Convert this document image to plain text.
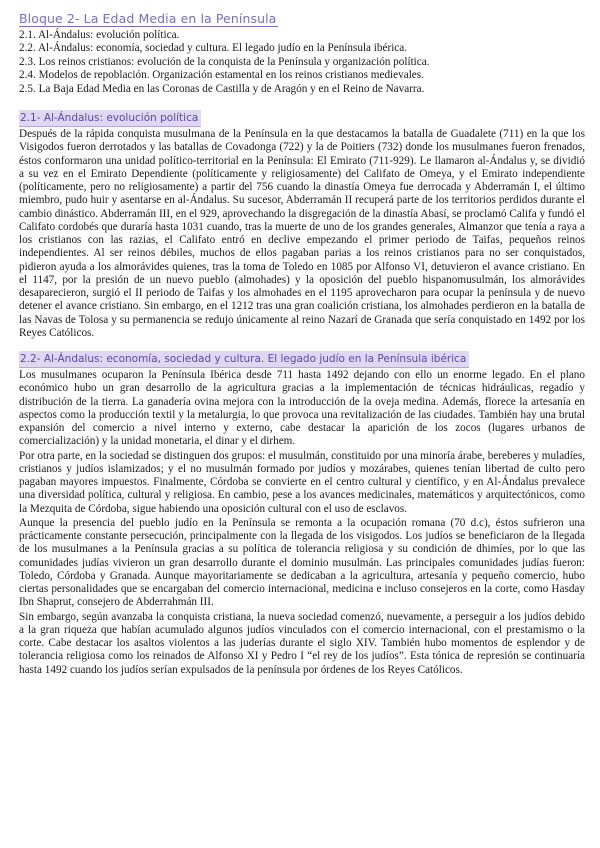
Bloque 2- La Edad Media en la Península
2.1. Al-Ándalus: evolución política.
2.2. Al-Ándalus: economía, sociedad y cultura. El legado judío en la Península ibérica.
2.3. Los reinos cristianos: evolución de la conquista de la Península y organización política.
2.4. Modelos de repoblación. Organización estamental en los reinos cristianos medievales.
2.5. La Baja Edad Media en las Coronas de Castilla y de Aragón y en el Reino de Navarra.
2.1- Al-Ándalus: evolución política

Después de la rápida conquista musulmana de la Península en la que destacamos la batalla de Guadalete (711) en la que los Visigodos fueron derrotados y las batallas de Covadonga (722) y la de Poitiers (732) donde los musulmanes fueron frenados, éstos conformaron una unidad político-territorial en la Península: El Emirato (711-929). Le llamaron al-Ándalus y, se dividió a su vez en el Emirato Dependiente (políticamente y religiosamente) del Califato de Omeya, y el Emirato independiente (políticamente, pero no religiosamente) a partir del 756 cuando la dinastía Omeya fue derrocada y Abderramán I, el último miembro, pudo huir y asentarse en al-Ándalus. Su sucesor, Abderramán II recuperá parte de los territorios perdidos durante el cambio dinástico. Abderramán III, en el 929, aprovechando la disgregación de la dinastía Abasí, se proclamó Califa y fundó el Califato cordobés que duraría hasta 1031 cuando, tras la muerte de uno de los grandes generales, Almanzor que tenía a raya a los cristianos con las razias, el Califato entró en declive empezando el primer periodo de Taifas, pequeños reinos independientes. Al ser reinos débiles, muchos de ellos pagaban parias a los reinos cristianos para no ser conquistados, pidieron ayuda a los almorávides quienes, tras la toma de Toledo en 1085 por Alfonso VI, detuvieron el avance cristiano. En el 1147, por la presión de un nuevo pueblo (almohades) y la oposición del pueblo hispanomusulmán, los almorávides desaparecieron, surgió el II periodo de Taifas y los almohades en el 1195 aprovecharon para ocupar la península y de nuevo detener el avance cristiano. Sin embargo, en el 1212 tras una gran coalición cristiana, los almohades perdieron en la batalla de las Navas de Tolosa y su permanencia se redujo únicamente al reino Nazarí de Granada que sería conquistado en 1492 por los Reyes Católicos.

2.2- Al-Ándalus: economía, sociedad y cultura. El legado judío en la Península ibérica

Los musulmanes ocuparon la Península Ibérica desde 711 hasta 1492 dejando con ello un enorme legado. En el plano económico hubo un gran desarrollo de la agricultura gracias a la implementación de técnicas hidráulicas, regadío y distribución de la tierra. La ganadería ovina mejora con la introducción de la oveja medina. Además, florece la artesanía en aspectos como la producción textil y la metalurgia, lo que provoca una revitalización de las ciudades. También hay una brutal expansión del comercio a nivel interno y externo, cabe destacar la aparición de los zocos (lugares urbanos de comercialización) y la unidad monetaria, el dinar y el dirhem.

Por otra parte, en la sociedad se distinguen dos grupos: el musulmán, constituido por una minoría árabe, bereberes y muladíes, cristianos y judíos islamizados; y el no musulmán formado por judíos y mozárabes, quienes tenían libertad de culto pero pagaban mayores impuestos. Finalmente, Córdoba se convierte en el centro cultural y científico, y en Al-Ándalus prevalece una diversidad política, cultural y religiosa. En cambio, pese a los avances medicinales, matemáticos y arquitectónicos, como la Mezquita de Córdoba, sigue habiendo una oposición cultural con el uso de esclavos.

Aunque la presencia del pueblo judío en la Península se remonta a la ocupación romana (70 d.c), éstos sufrieron una prácticamente constante persecución, principalmente con la llegada de los visigodos. Los judíos se beneficiaron de la llegada de los musulmanes a la Península gracias a su política de tolerancia religiosa y su condición de dhimíes, por lo que las comunidades judías vivieron un gran desarrollo durante el dominio musulmán. Las principales comunidades judías fueron: Toledo, Córdoba y Granada. Aunque mayoritariamente se dedicaban a la agricultura, artesanía y pequeño comercio, hubo ciertas personalidades que se encargaban del comercio internacional, medicina e incluso consejeros en la corte, como Hasday Ibn Shaprut, consejero de Abderrahmán III.

Sin embargo, según avanzaba la conquista cristiana, la nueva sociedad comenzó, nuevamente, a perseguir a los judíos debido a la gran riqueza que habían acumulado algunos judíos vinculados con el comercio internacional, con el prestamismo o la corte. Cabe destacar los asaltos violentos a las juderías durante el siglo XIV. También hubo momentos de esplendor y de tolerancia religiosa como los reinados de Alfonso XI y Pedro I “el rey de los judíos”. Esta tónica de represión se continuaría hasta 1492 cuando los judíos serían expulsados de la península por órdenes de los Reyes Católicos.
